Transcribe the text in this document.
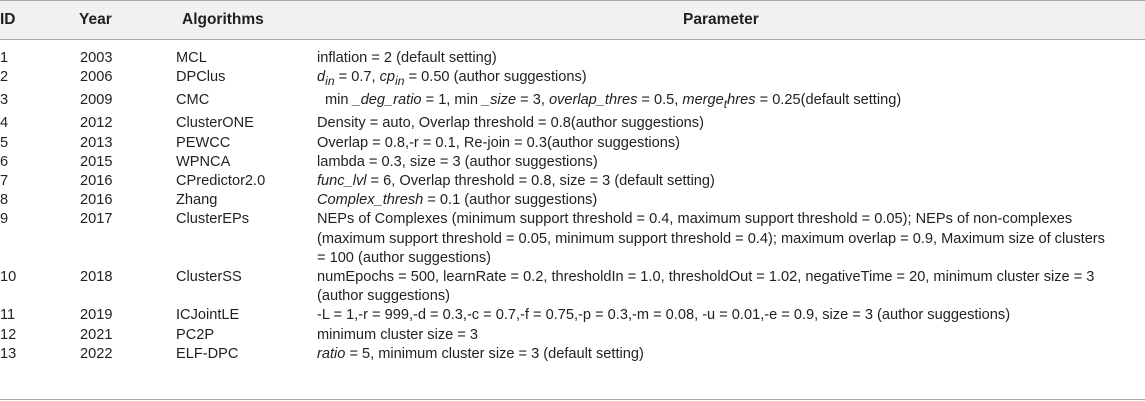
ID	Year	Algorithms	Parameter
1	2003	MCL	inflation = 2 (default setting)
2	2006	DPClus	$d_{in} = 0.7$, $cp_{in} = 0.50$ (author suggestions)
3	2009	CMC	min _deg_ratio = 1, min _size = 3, overlap_thres = 0.5, merge$_t$hres = 0.25(default setting)
4	2012	ClusterONE	Density = auto, Overlap threshold = 0.8(author suggestions)
5	2013	PEWCC	Overlap = 0.8,-r = 0.1, Re-join = 0.3(author suggestions)
6	2015	WPNCA	lambda = 0.3, size = 3 (author suggestions)
7	2016	CPredictor2.0	func_lvl = 6, Overlap threshold = 0.8, size = 3 (default setting)
8	2016	Zhang	Complex_thresh = 0.1 (author suggestions)
9	2017	ClusterEPs	NEPs of Complexes (minimum support threshold = 0.4, maximum support threshold = 0.05); NEPs of non-complexes
(maximum support threshold = 0.05, minimum support threshold = 0.4); maximum overlap = 0.9, Maximum size of clusters
= 100 (author suggestions)
10	2018	ClusterSS	numEpochs = 500, learnRate = 0.2, thresholdIn = 1.0, thresholdOut = 1.02, negativeTime = 20, minimum cluster size = 3
(author suggestions)
11	2019	ICJointLE	-L = 1,-r = 999,-d = 0.3,-c = 0.7,-f = 0.75,-p = 0.3,-m = 0.08, -u = 0.01,-e = 0.9, size = 3 (author suggestions)
12	2021	PC2P	minimum cluster size = 3
13	2022	ELF-DPC	ratio = 5, minimum cluster size = 3 (default setting)
